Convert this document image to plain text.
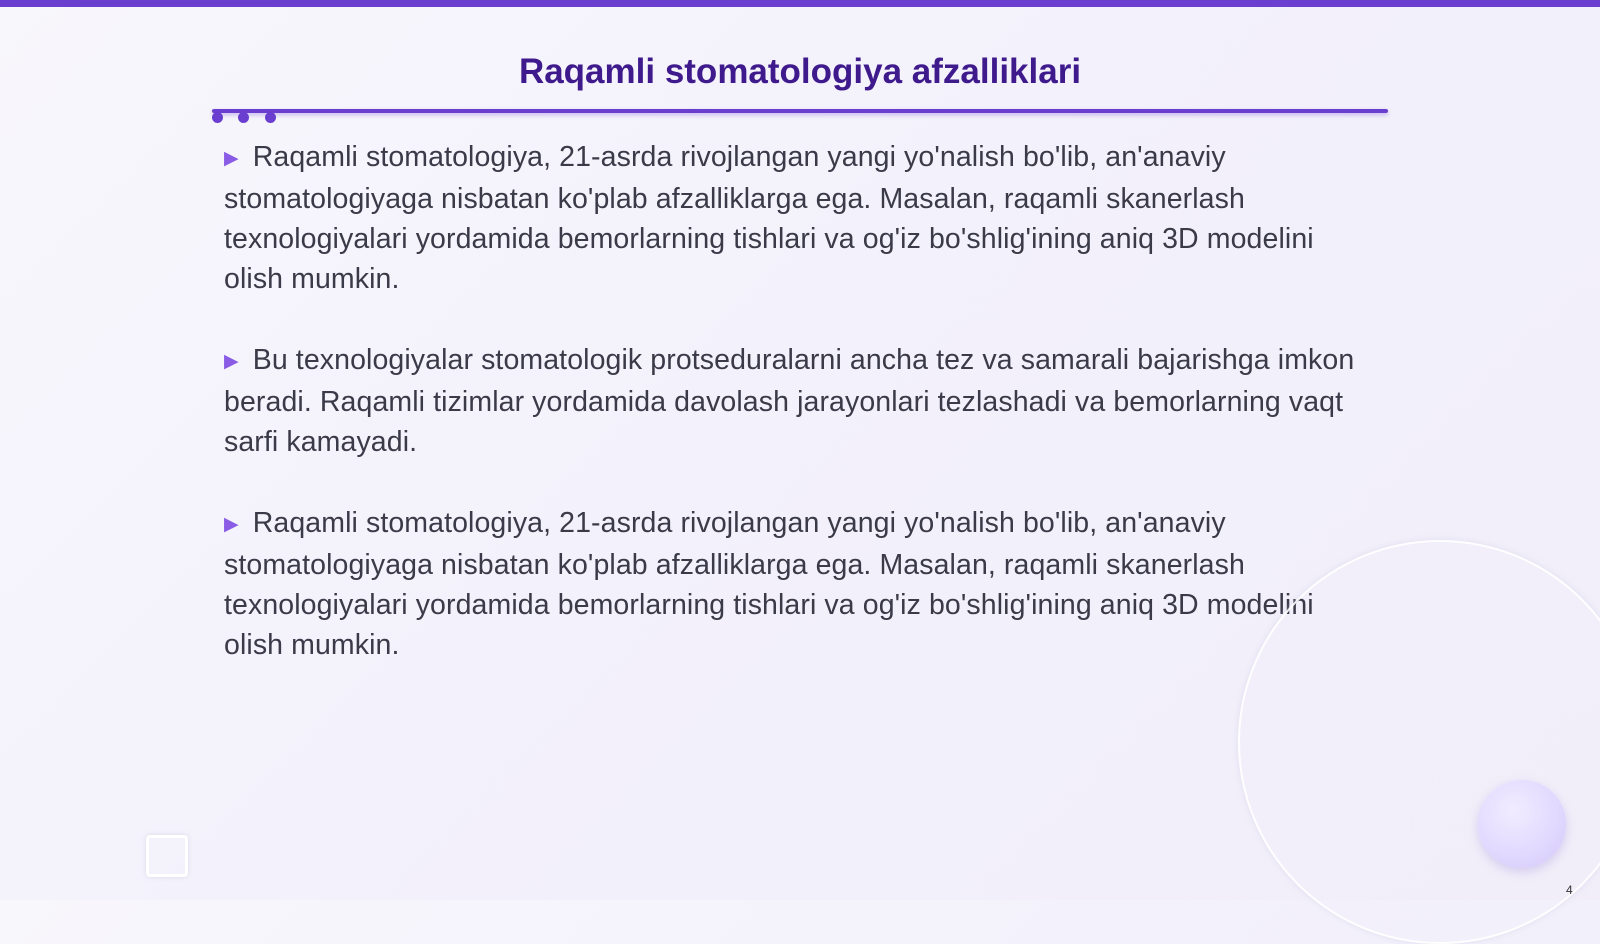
Raqamli stomatologiya afzalliklari

▶ Raqamli stomatologiya, 21-asrda rivojlangan yangi yo'nalish bo'lib, an'anaviy stomatologiyaga nisbatan ko'plab afzalliklarga ega. Masalan, raqamli skanerlash texnologiyalari yordamida bemorlarning tishlari va og'iz bo'shlig'ining aniq 3D modelini olish mumkin.

▶ Bu texnologiyalar stomatologik protseduralarni ancha tez va samarali bajarishga imkon beradi. Raqamli tizimlar yordamida davolash jarayonlari tezlashadi va bemorlarning vaqt sarfi kamayadi.

▶ Raqamli stomatologiya, 21-asrda rivojlangan yangi yo'nalish bo'lib, an'anaviy stomatologiyaga nisbatan ko'plab afzalliklarga ega. Masalan, raqamli skanerlash texnologiyalari yordamida bemorlarning tishlari va og'iz bo'shlig'ining aniq 3D modelini olish mumkin.

4
